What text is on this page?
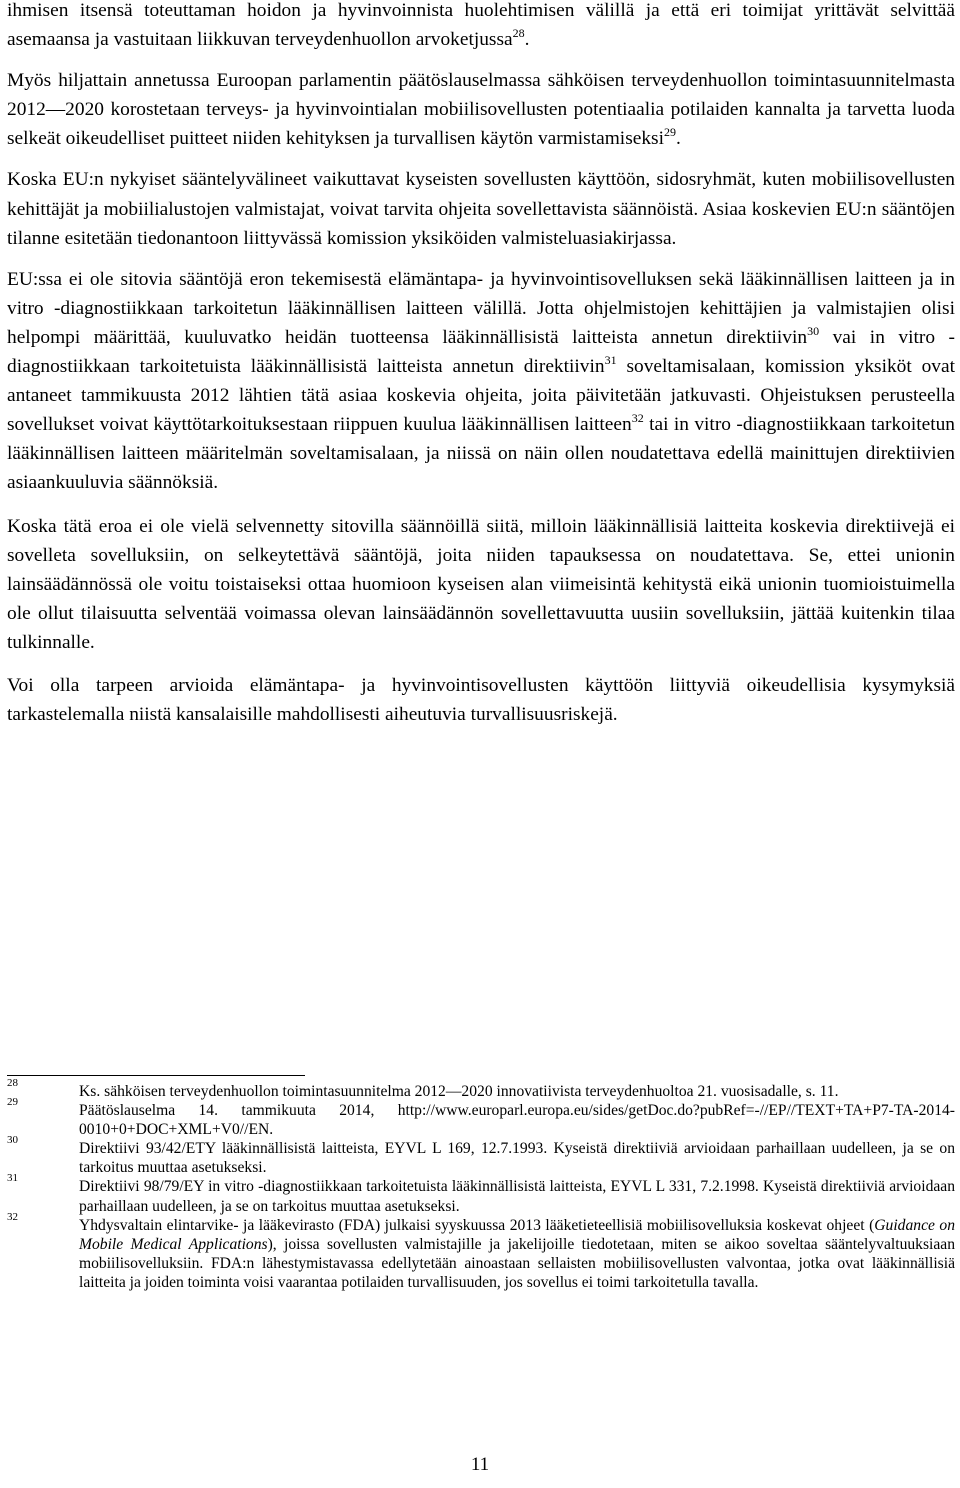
ihmisen itsensä toteuttaman hoidon ja hyvinvoinnista huolehtimisen välillä ja että eri toimijat yrittävät selvittää asemaansa ja vastuitaan liikkuvan terveydenhuollon arvoketjussa$^{28}$.

Myös hiljattain annetussa Euroopan parlamentin päätöslauselmassa sähköisen terveydenhuollon toimintasuunnitelmasta 2012—2020 korostetaan terveys- ja hyvinvointialan mobiilisovellusten potentiaalia potilaiden kannalta ja tarvetta luoda selkeät oikeudelliset puitteet niiden kehityksen ja turvallisen käytön varmistamiseksi$^{29}$.

Koska EU:n nykyiset sääntelyvälineet vaikuttavat kyseisten sovellusten käyttöön, sidosryhmät, kuten mobiilisovellusten kehittäjät ja mobiilialustojen valmistajat, voivat tarvita ohjeita sovellettavista säännöistä. Asiaa koskevien EU:n sääntöjen tilanne esitetään tiedonantoon liittyvässä komission yksiköiden valmisteluasiakirjassa.

EU:ssa ei ole sitovia sääntöjä eron tekemisestä elämäntapa- ja hyvinvointisovelluksen sekä lääkinnällisen laitteen ja in vitro -diagnostiikkaan tarkoitetun lääkinnällisen laitteen välillä. Jotta ohjelmistojen kehittäjien ja valmistajien olisi helpompi määrittää, kuuluvatko heidän tuotteensa lääkinnällisistä laitteista annetun direktiivin$^{30}$ vai in vitro -diagnostiikkaan tarkoitetuista lääkinnällisistä laitteista annetun direktiivin$^{31}$ soveltamisalaan, komission yksiköt ovat antaneet tammikuusta 2012 lähtien tätä asiaa koskevia ohjeita, joita päivitetään jatkuvasti. Ohjeistuksen perusteella sovellukset voivat käyttötarkoituksestaan riippuen kuulua lääkinnällisen laitteen$^{32}$ tai in vitro -diagnostiikkaan tarkoitetun lääkinnällisen laitteen määritelmän soveltamisalaan, ja niissä on näin ollen noudatettava edellä mainittujen direktiivien asiaankuuluvia säännöksiä.

Koska tätä eroa ei ole vielä selvennetty sitovilla säännöillä siitä, milloin lääkinnällisiä laitteita koskevia direktiivejä ei sovelleta sovelluksiin, on selkeytettävä sääntöjä, joita niiden tapauksessa on noudatettava. Se, ettei unionin lainsäädännössä ole voitu toistaiseksi ottaa huomioon kyseisen alan viimeisintä kehitystä eikä unionin tuomioistuimella ole ollut tilaisuutta selventää voimassa olevan lainsäädännön sovellettavuutta uusiin sovelluksiin, jättää kuitenkin tilaa tulkinnalle.

Voi olla tarpeen arvioida elämäntapa- ja hyvinvointisovellusten käyttöön liittyviä oikeudellisia kysymyksiä tarkastelemalla niistä kansalaisille mahdollisesti aiheutuvia turvallisuusriskejä.

28	Ks. sähköisen terveydenhuollon toimintasuunnitelma 2012—2020 innovatiivista terveydenhuoltoa 21. vuosisadalle, s. 11.
29	Päätöslauselma 14. tammikuuta 2014, http://www.europarl.europa.eu/sides/getDoc.do?pubRef=-//EP//TEXT+TA+P7-TA-2014-0010+0+DOC+XML+V0//EN.
30	Direktiivi 93/42/ETY lääkinnällisistä laitteista, EYVL L 169, 12.7.1993. Kyseistä direktiiviä arvioidaan parhaillaan uudelleen, ja se on tarkoitus muuttaa asetukseksi.
31	Direktiivi 98/79/EY in vitro -diagnostiikkaan tarkoitetuista lääkinnällisistä laitteista, EYVL L 331, 7.2.1998. Kyseistä direktiiviä arvioidaan parhaillaan uudelleen, ja se on tarkoitus muuttaa asetukseksi.
32	Yhdysvaltain elintarvike- ja lääkevirasto (FDA) julkaisi syyskuussa 2013 lääketieteellisiä mobiilisovelluksia koskevat ohjeet (Guidance on Mobile Medical Applications), joissa sovellusten valmistajille ja jakelijoille tiedotetaan, miten se aikoo soveltaa sääntelyvaltuuksiaan mobiilisovelluksiin. FDA:n lähestymistavassa edellytetään ainoastaan sellaisten mobiilisovellusten valvontaa, jotka ovat lääkinnällisiä laitteita ja joiden toiminta voisi vaarantaa potilaiden turvallisuuden, jos sovellus ei toimi tarkoitetulla tavalla.
11
